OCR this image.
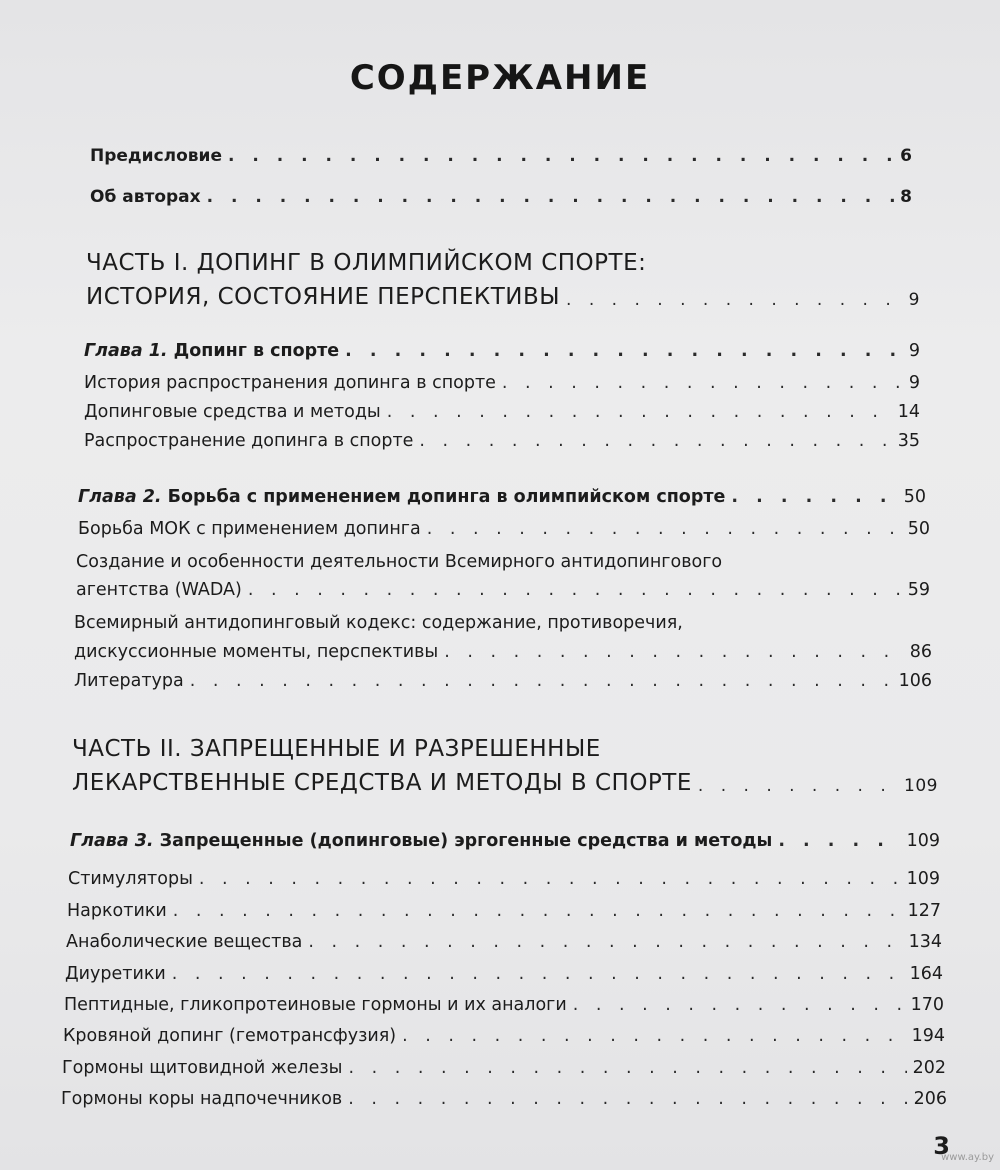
СОДЕРЖАНИЕ
Предисловие . . .	6
Об авторах . . .	8
ЧАСТЬ I. ДОПИНГ В ОЛИМПИЙСКОМ СПОРТЕ:
ИСТОРИЯ, СОСТОЯНИЕ ПЕРСПЕКТИВЫ . . .	9
Глава 1. Допинг в спорте . . .	9
История распространения допинга в спорте . . .	9
Допинговые средства и методы . . .	14
Распространение допинга в спорте . . .	35
Глава 2. Борьба с применением допинга в олимпийском спорте . . .	50
Борьба МОК с применением допинга . . .	50
Создание и особенности деятельности Всемирного антидопингового
агентства (WADA) . . .	59
Всемирный антидопинговый кодекс: содержание, противоречия,
дискуссионные моменты, перспективы . . .	86
Литература . . .	106
ЧАСТЬ II. ЗАПРЕЩЕННЫЕ И РАЗРЕШЕННЫЕ
ЛЕКАРСТВЕННЫЕ СРЕДСТВА И МЕТОДЫ В СПОРТЕ . . .	109
Глава 3. Запрещенные (допинговые) эргогенные средства и методы . . .	109
Стимуляторы . . .	109
Наркотики . . .	127
Анаболические вещества . . .	134
Диуретики . . .	164
Пептидные, гликопротеиновые гормоны и их аналоги . . .	170
Кровяной допинг (гемотрансфузия) . . .	194
Гормоны щитовидной железы . . .	202
Гормоны коры надпочечников . . .	206
3
www.ay.by
